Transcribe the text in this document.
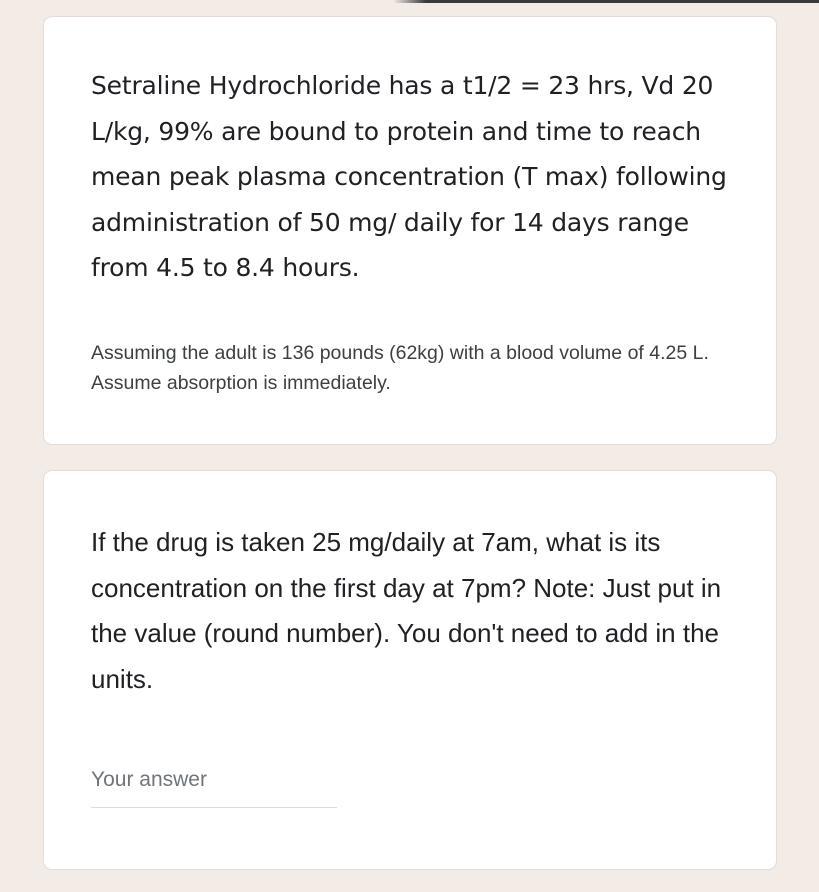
Setraline Hydrochloride has a t1/2 = 23 hrs, Vd 20 L/kg, 99% are bound to protein and time to reach mean peak plasma concentration (T max) following administration of 50 mg/ daily for 14 days range from 4.5 to 8.4 hours.

Assuming the adult is 136 pounds (62kg) with a blood volume of 4.25 L. Assume absorption is immediately.

If the drug is taken 25 mg/daily at 7am, what is its concentration on the first day at 7pm? Note: Just put in the value (round number). You don't need to add in the units.

Your answer
